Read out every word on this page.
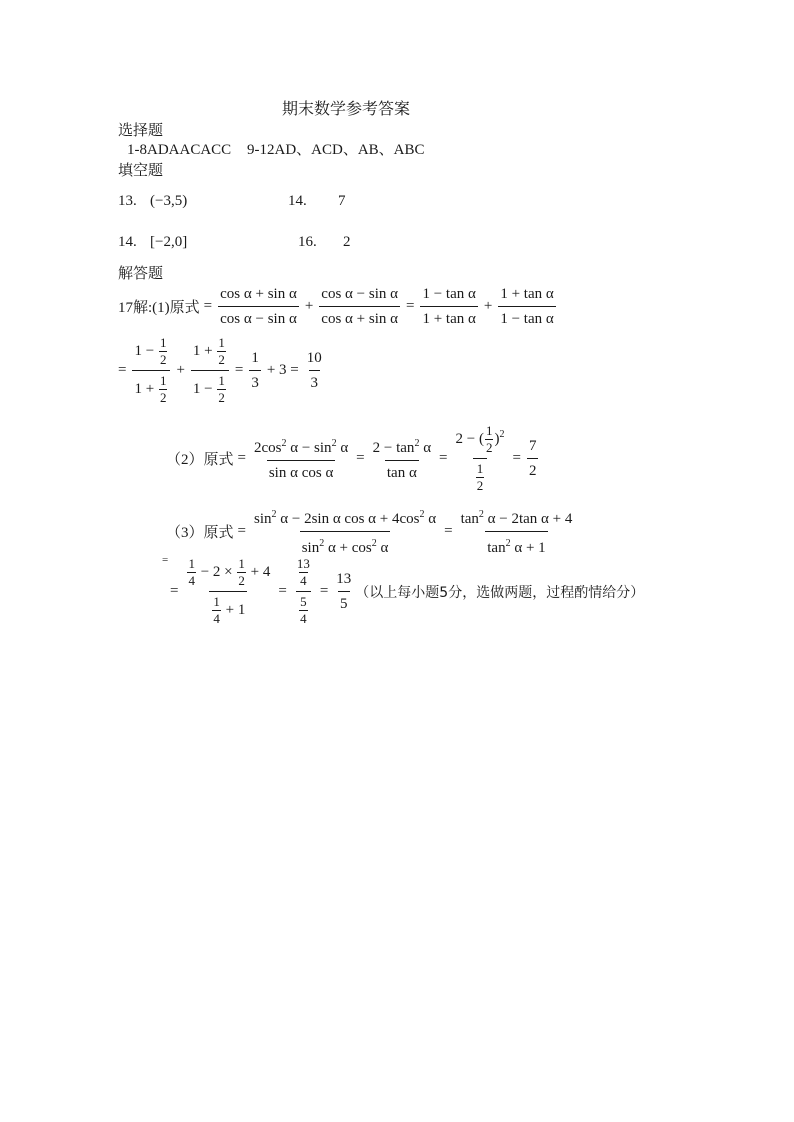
期末数学参考答案
选择题
1-8ADAACACC 9-12AD、ACD、AB、ABC
填空题
13. (−3,5)	14. 7
14. [−2,0]	16. 2
解答题
17解:(1)原式 = $\frac{\text{cos α + sin α}}{\text{cos α − sin α}} + \frac{\text{cos α − sin α}}{\text{cos α + sin α}} = \frac{\text{1 − tan α}}{\text{1 + tan α}} + \frac{\text{1 + tan α}}{\text{1 − tan α}}$
= $\frac{1 - \frac{1}{2}}{1 + \frac{1}{2}} + \frac{1 + \frac{1}{2}}{1 - \frac{1}{2}} = \frac{1}{3} + 3 = \frac{10}{3}$
（2）原式 = $\frac{2\cos^2 \alpha - \sin^2 \alpha}{\text{sin α cos α}} = \frac{2 - \tan^2 \alpha}{\text{tan α}} = \frac{2 - ( \frac{1}{2} )^2}{\frac{1}{2}} = \frac{7}{2}$
（3）原式 = $\frac{\sin^2 \alpha - 2\sin \alpha \cos \alpha + 4\cos^2 \alpha}{\sin^2 \alpha + \cos^2 \alpha} = \frac{\tan^2 \alpha - 2\tan \alpha + 4}{\tan^2 \alpha + 1}$
=
= $\frac{\frac{1}{4} - 2 \times \frac{1}{2} + 4}{\frac{1}{4} + 1} = \frac{\frac{13}{4}}{\frac{5}{4}} = \frac{13}{5}$ （以上每小题5分，选做两题，过程酌情给分）
